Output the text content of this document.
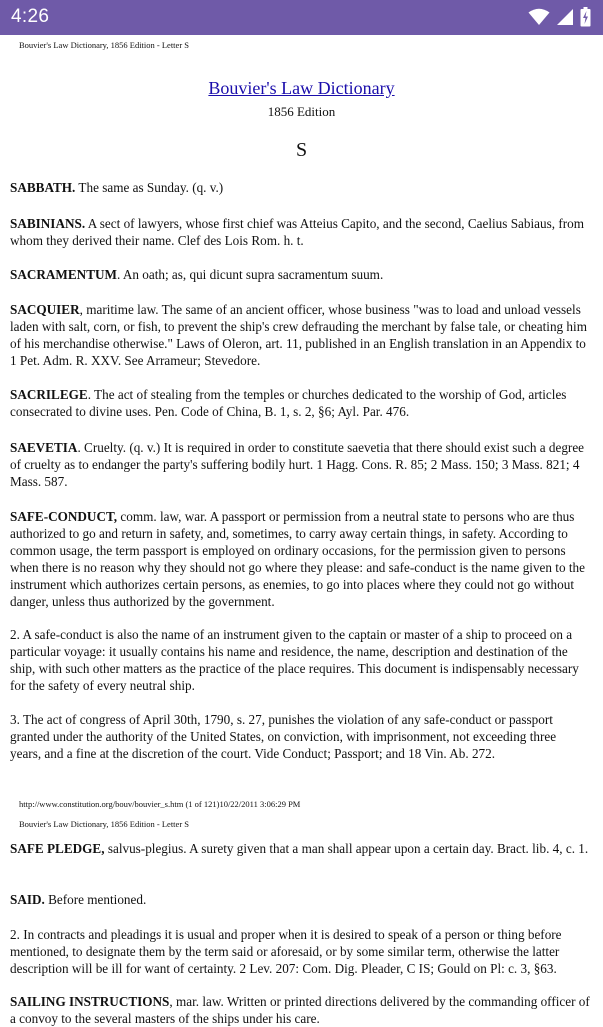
4:26
Bouvier's Law Dictionary, 1856 Edition - Letter S
Bouvier's Law Dictionary
1856 Edition
S

SABBATH. The same as Sunday. (q. v.)

SABINIANS. A sect of lawyers, whose first chief was Atteius Capito, and the second, Caelius Sabiaus, from whom they derived their name. Clef des Lois Rom. h. t.

SACRAMENTUM. An oath; as, qui dicunt supra sacramentum suum.

SACQUIER, maritime law. The same of an ancient officer, whose business "was to load and unload vessels laden with salt, corn, or fish, to prevent the ship's crew defrauding the merchant by false tale, or cheating him of his merchandise otherwise." Laws of Oleron, art. 11, published in an English translation in an Appendix to 1 Pet. Adm. R. XXV. See Arrameur; Stevedore.

SACRILEGE. The act of stealing from the temples or churches dedicated to the worship of God, articles consecrated to divine uses. Pen. Code of China, B. 1, s. 2, §6; Ayl. Par. 476.

SAEVETIA. Cruelty. (q. v.) It is required in order to constitute saevetia that there should exist such a degree of cruelty as to endanger the party's suffering bodily hurt. 1 Hagg. Cons. R. 85; 2 Mass. 150; 3 Mass. 821; 4 Mass. 587.

SAFE-CONDUCT, comm. law, war. A passport or permission from a neutral state to persons who are thus authorized to go and return in safety, and, sometimes, to carry away certain things, in safety. According to common usage, the term passport is employed on ordinary occasions, for the permission given to persons when there is no reason why they should not go where they please: and safe-conduct is the name given to the instrument which authorizes certain persons, as enemies, to go into places where they could not go without danger, unless thus authorized by the government.

2. A safe-conduct is also the name of an instrument given to the captain or master of a ship to proceed on a particular voyage: it usually contains his name and residence, the name, description and destination of the ship, with such other matters as the practice of the place requires. This document is indispensably necessary for the safety of every neutral ship.

3. The act of congress of April 30th, 1790, s. 27, punishes the violation of any safe-conduct or passport granted under the authority of the United States, on conviction, with imprisonment, not exceeding three years, and a fine at the discretion of the court. Vide Conduct; Passport; and 18 Vin. Ab. 272.

http://www.constitution.org/bouv/bouvier_s.htm (1 of 121)10/22/2011 3:06:29 PM
Bouvier's Law Dictionary, 1856 Edition - Letter S

SAFE PLEDGE, salvus-plegius. A surety given that a man shall appear upon a certain day. Bract. lib. 4, c. 1.

SAID. Before mentioned.

2. In contracts and pleadings it is usual and proper when it is desired to speak of a person or thing before mentioned, to designate them by the term said or aforesaid, or by some similar term, otherwise the latter description will be ill for want of certainty. 2 Lev. 207: Com. Dig. Pleader, C IS; Gould on Pl: c. 3, §63.

SAILING INSTRUCTIONS, mar. law. Written or printed directions delivered by the commanding officer of a convoy to the several masters of the ships under his care.
